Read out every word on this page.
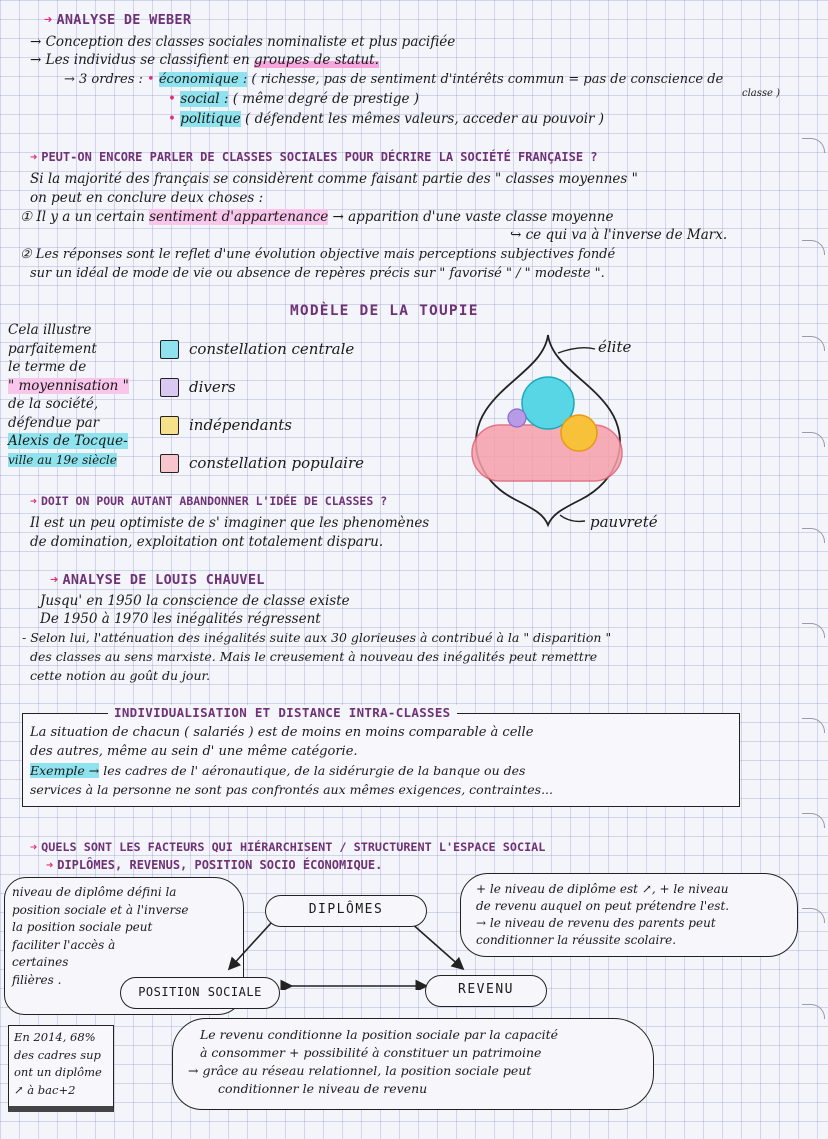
➜ ANALYSE DE WEBER
→ Conception des classes sociales nominaliste et plus pacifiée
→ Les individus se classifient en groupes de statut.
→ 3 ordres : • économique : ( richesse, pas de sentiment d'intérêts commun = pas de conscience de
classe )
• social : ( même degré de prestige )
• politique ( défendent les mêmes valeurs, acceder au pouvoir )
➜ PEUT-ON ENCORE PARLER DE CLASSES SOCIALES POUR DÉCRIRE LA SOCIÉTÉ FRANÇAISE ?
Si la majorité des français se considèrent comme faisant partie des " classes moyennes "
on peut en conclure deux choses :
① Il y a un certain sentiment d'appartenance → apparition d'une vaste classe moyenne
↪ ce qui va à l'inverse de Marx.
② Les réponses sont le reflet d'une évolution objective mais perceptions subjectives fondé
sur un idéal de mode de vie ou absence de repères précis sur " favorisé " / " modeste ".
MODÈLE DE LA TOUPIE
Cela illustre
parfaitement
le terme de
" moyennisation "
de la société,
défendue par
Alexis de Tocque-
ville au 19e siècle
constellation centrale
divers
indépendants
constellation populaire
élite
pauvreté
➜ DOIT ON POUR AUTANT ABANDONNER L'IDÉE DE CLASSES ?
Il est un peu optimiste de s' imaginer que les phenomènes
de domination, exploitation ont totalement disparu.
➜ ANALYSE DE LOUIS CHAUVEL
Jusqu' en 1950 la conscience de classe existe
De 1950 à 1970 les inégalités régressent
- Selon lui, l'atténuation des inégalités suite aux 30 glorieuses à contribué à la " disparition "
des classes au sens marxiste. Mais le creusement à nouveau des inégalités peut remettre
cette notion au goût du jour.
INDIVIDUALISATION ET DISTANCE INTRA-CLASSES
La situation de chacun ( salariés ) est de moins en moins comparable à celle
des autres, même au sein d' une même catégorie.
Exemple → les cadres de l' aéronautique, de la sidérurgie de la banque ou des
services à la personne ne sont pas confrontés aux mêmes exigences, contraintes...
➜ QUELS SONT LES FACTEURS QUI HIÉRARCHISENT / STRUCTURENT L'ESPACE SOCIAL
➜ DIPLÔMES, REVENUS, POSITION SOCIO ÉCONOMIQUE.
niveau de diplôme défini la
position sociale et à l'inverse
la position sociale peut
faciliter l'accès à
certaines
filières .
+ le niveau de diplôme est ↗, + le niveau
de revenu auquel on peut prétendre l'est.
→ le niveau de revenu des parents peut
conditionner la réussite scolaire.
DIPLÔMES
POSITION SOCIALE	REVENU
En 2014, 68%
des cadres sup
ont un diplôme
↗ à bac+2
Le revenu conditionne la position sociale par la capacité
à consommer + possibilité à constituer un patrimoine
→ grâce au réseau relationnel, la position sociale peut
conditionner le niveau de revenu
